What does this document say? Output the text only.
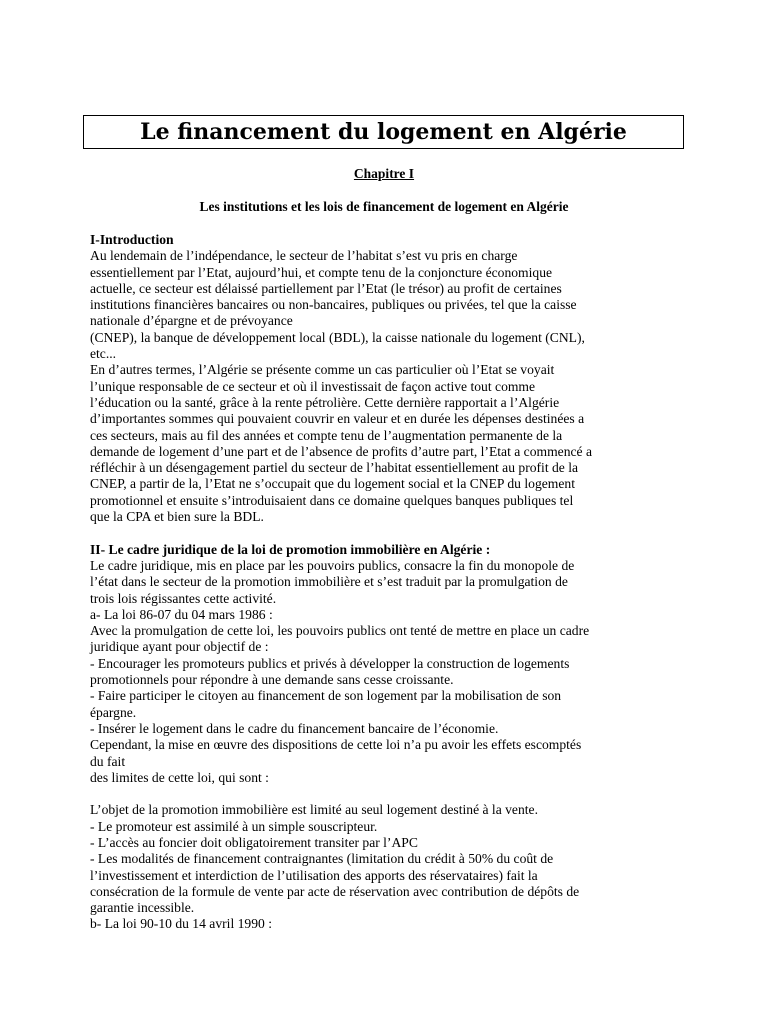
Le financement du logement en Algérie
Chapitre I
Les institutions et les lois de financement de logement en Algérie
I-Introduction
Au lendemain de l’indépendance, le secteur de l’habitat s’est vu pris en charge
essentiellement par l’Etat, aujourd’hui, et compte tenu de la conjoncture économique
actuelle, ce secteur est délaissé partiellement par l’Etat (le trésor) au profit de certaines
institutions financières bancaires ou non-bancaires, publiques ou privées, tel que la caisse
nationale d’épargne et de prévoyance
(CNEP), la banque de développement local (BDL), la caisse nationale du logement (CNL),
etc...
En d’autres termes, l’Algérie se présente comme un cas particulier où l’Etat se voyait
l’unique responsable de ce secteur et où il investissait de façon active tout comme
l’éducation ou la santé, grâce à la rente pétrolière. Cette dernière rapportait a l’Algérie
d’importantes sommes qui pouvaient couvrir en valeur et en durée les dépenses destinées a
ces secteurs, mais au fil des années et compte tenu de l’augmentation permanente de la
demande de logement d’une part et de l’absence de profits d’autre part, l’Etat a commencé a
réfléchir à un désengagement partiel du secteur de l’habitat essentiellement au profit de la
CNEP, a partir de la, l’Etat ne s’occupait que du logement social et la CNEP du logement
promotionnel et ensuite s’introduisaient dans ce domaine quelques banques publiques tel
que la CPA et bien sure la BDL.
II- Le cadre juridique de la loi de promotion immobilière en Algérie :
Le cadre juridique, mis en place par les pouvoirs publics, consacre la fin du monopole de
l’état dans le secteur de la promotion immobilière et s’est traduit par la promulgation de
trois lois régissantes cette activité.
a- La loi 86-07 du 04 mars 1986 :
Avec la promulgation de cette loi, les pouvoirs publics ont tenté de mettre en place un cadre
juridique ayant pour objectif de :
- Encourager les promoteurs publics et privés à développer la construction de logements
promotionnels pour répondre à une demande sans cesse croissante.
- Faire participer le citoyen au financement de son logement par la mobilisation de son
épargne.
- Insérer le logement dans le cadre du financement bancaire de l’économie.
Cependant, la mise en œuvre des dispositions de cette loi n’a pu avoir les effets escomptés
du fait
des limites de cette loi, qui sont :
L’objet de la promotion immobilière est limité au seul logement destiné à la vente.
- Le promoteur est assimilé à un simple souscripteur.
- L’accès au foncier doit obligatoirement transiter par l’APC
- Les modalités de financement contraignantes (limitation du crédit à 50% du coût de
l’investissement et interdiction de l’utilisation des apports des réservataires) fait la
consécration de la formule de vente par acte de réservation avec contribution de dépôts de
garantie incessible.
b- La loi 90-10 du 14 avril 1990 :
